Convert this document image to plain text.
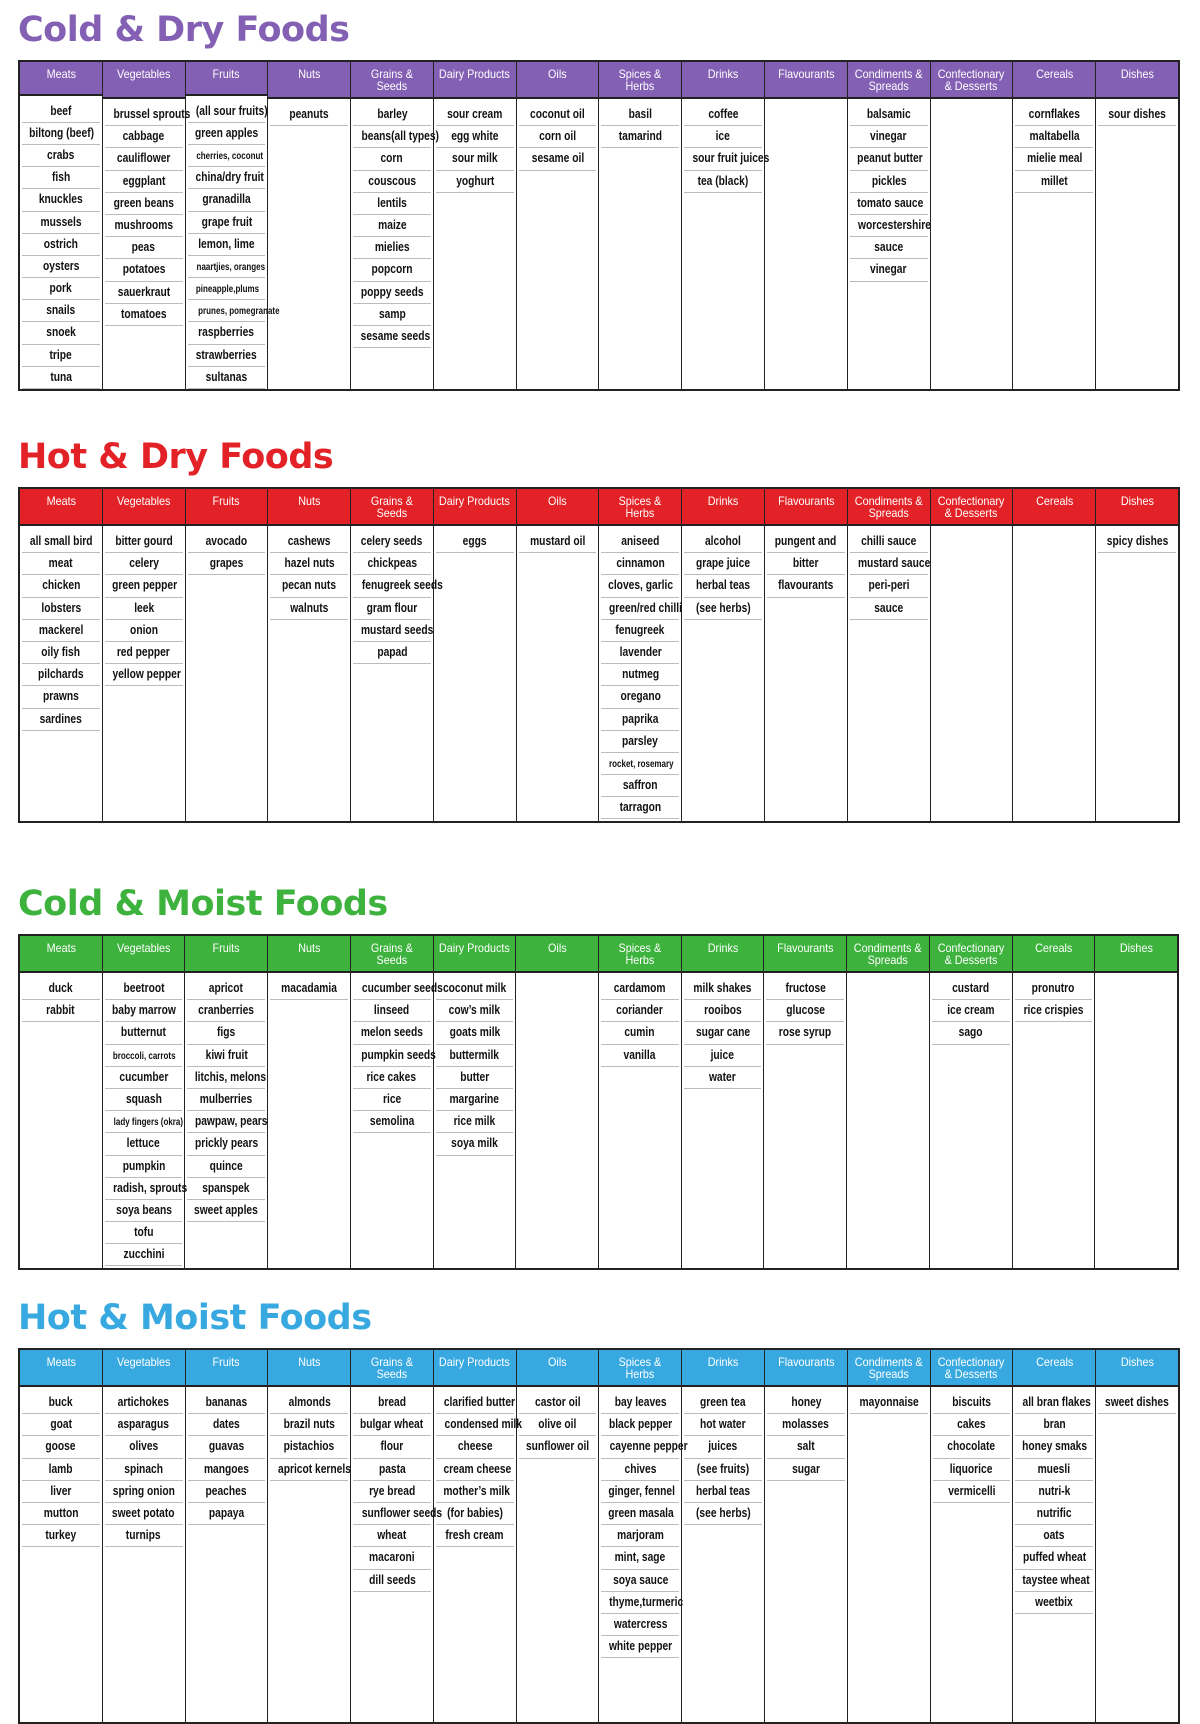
Cold & Dry Foods
Meats
beef
biltong (beef)
crabs
fish
knuckles
mussels
ostrich
oysters
pork
snails
snoek
tripe
tuna
Vegetables
brussel sprouts
cabbage
cauliflower
eggplant
green beans
mushrooms
peas
potatoes
sauerkraut
tomatoes
Fruits
(all sour fruits)
green apples
cherries, coconut
china/dry fruit
granadilla
grape fruit
lemon, lime
naartjies, oranges
pineapple,plums
prunes, pomegranate
raspberries
strawberries
sultanas
Nuts
peanuts
Grains & Seeds
barley
beans(all types)
corn
couscous
lentils
maize
mielies
popcorn
poppy seeds
samp
sesame seeds
Dairy Products
sour cream
egg white
sour milk
yoghurt
Oils
coconut oil
corn oil
sesame oil
Spices & Herbs
basil
tamarind
Drinks
coffee
ice
sour fruit juices
tea (black)
Flavourants Condiments &
Spreads
balsamic
vinegar
peanut butter
pickles
tomato sauce
worcestershire
sauce
vinegar
Confectionary
& Desserts
Cereals
cornflakes
maltabella
mielie meal
millet
Dishes
sour dishes
Hot & Dry Foods
Meats
all small bird
meat
chicken
lobsters
mackerel
oily fish
pilchards
prawns
sardines
Vegetables
bitter gourd
celery
green pepper
leek
onion
red pepper
yellow pepper
Fruits
avocado
grapes
Nuts
cashews
hazel nuts
pecan nuts
walnuts
Grains & Seeds
celery seeds
chickpeas
fenugreek seeds
gram flour
mustard seeds
papad
Dairy Products
eggs
Oils
mustard oil
Spices & Herbs
aniseed
cinnamon
cloves, garlic
green/red chilli
fenugreek
lavender
nutmeg
oregano
paprika
parsley
rocket, rosemary
saffron
tarragon
Drinks
alcohol
grape juice
herbal teas
(see herbs)
Flavourants
pungent and
bitter
flavourants
Condiments &
Spreads
chilli sauce
mustard sauce
peri-peri
sauce
Confectionary
& Desserts
Cereals	Dishes
spicy dishes
Cold & Moist Foods
Meats
duck
rabbit
Vegetables
beetroot
baby marrow
butternut
broccoli, carrots
cucumber
squash
lady fingers (okra)
lettuce
pumpkin
radish, sprouts
soya beans
tofu
zucchini
Fruits
apricot
cranberries
figs
kiwi fruit
litchis, melons
mulberries
pawpaw, pears
prickly pears
quince
spanspek
sweet apples
Nuts
macadamia
Grains & Seeds
cucumber seeds
linseed
melon seeds
pumpkin seeds
rice cakes
rice
semolina
Dairy Products
coconut milk
cow’s milk
goats milk
buttermilk
butter
margarine
rice milk
soya milk
Oils	Spices & Herbs
cardamom
coriander
cumin
vanilla
Drinks
milk shakes
rooibos
sugar cane
juice
water
Flavourants
fructose
glucose
rose syrup
Condiments &
Spreads
Confectionary
& Desserts
custard
ice cream
sago
Cereals
pronutro
rice crispies
Dishes
Hot & Moist Foods
Meats
buck
goat
goose
lamb
liver
mutton
turkey
Vegetables
artichokes
asparagus
olives
spinach
spring onion
sweet potato
turnips
Fruits
bananas
dates
guavas
mangoes
peaches
papaya
Nuts
almonds
brazil nuts
pistachios
apricot kernels
Grains & Seeds
bread
bulgar wheat
flour
pasta
rye bread
sunflower seeds
wheat
macaroni
dill seeds
Dairy Products
clarified butter
condensed milk
cheese
cream cheese
mother’s milk
(for babies)
fresh cream
Oils
castor oil
olive oil
sunflower oil
Spices & Herbs
bay leaves
black pepper
cayenne pepper
chives
ginger, fennel
green masala
marjoram
mint, sage
soya sauce
thyme,turmeric
watercress
white pepper
Drinks
green tea
hot water
juices
(see fruits)
herbal teas
(see herbs)
Flavourants
honey
molasses
salt
sugar
Condiments &
Spreads
mayonnaise
Confectionary
& Desserts
biscuits
cakes
chocolate
liquorice
vermicelli
Cereals
all bran flakes
bran
honey smaks
muesli
nutri-k
nutrific
oats
puffed wheat
taystee wheat
weetbix
Dishes
sweet dishes
